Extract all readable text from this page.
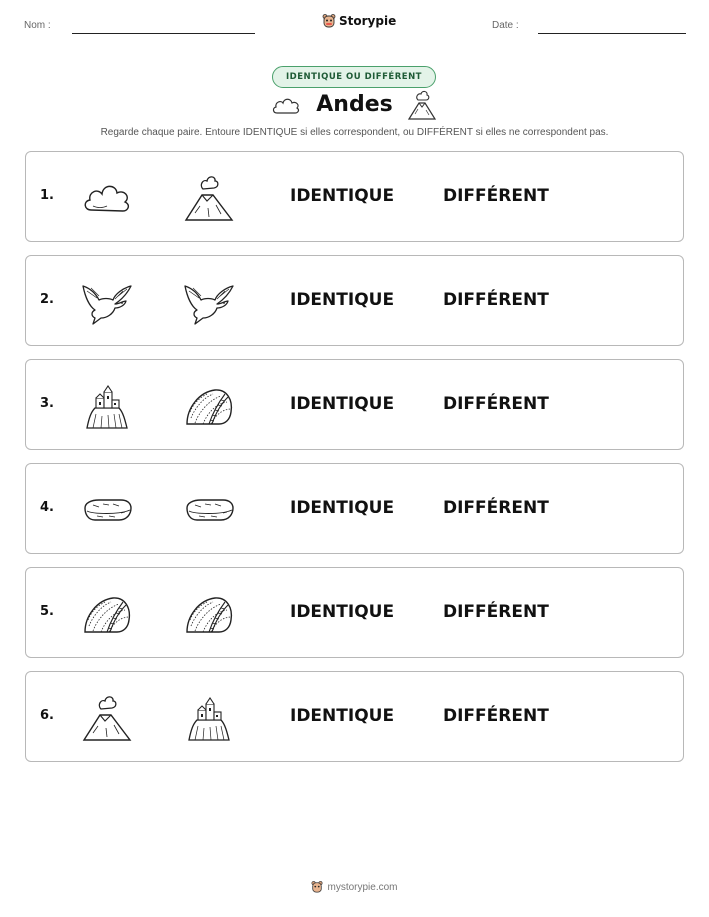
Nom :	Storypie	Date :
IDENTIQUE OU DIFFÉRENT
Andes
Regarde chaque paire. Entoure IDENTIQUE si elles correspondent, ou DIFFÉRENT si elles ne correspondent pas.
1.	IDENTIQUE	DIFFÉRENT
2.	IDENTIQUE	DIFFÉRENT
3.	IDENTIQUE	DIFFÉRENT
4.	IDENTIQUE	DIFFÉRENT
5.	IDENTIQUE	DIFFÉRENT
6.	IDENTIQUE	DIFFÉRENT
mystorypie.com
